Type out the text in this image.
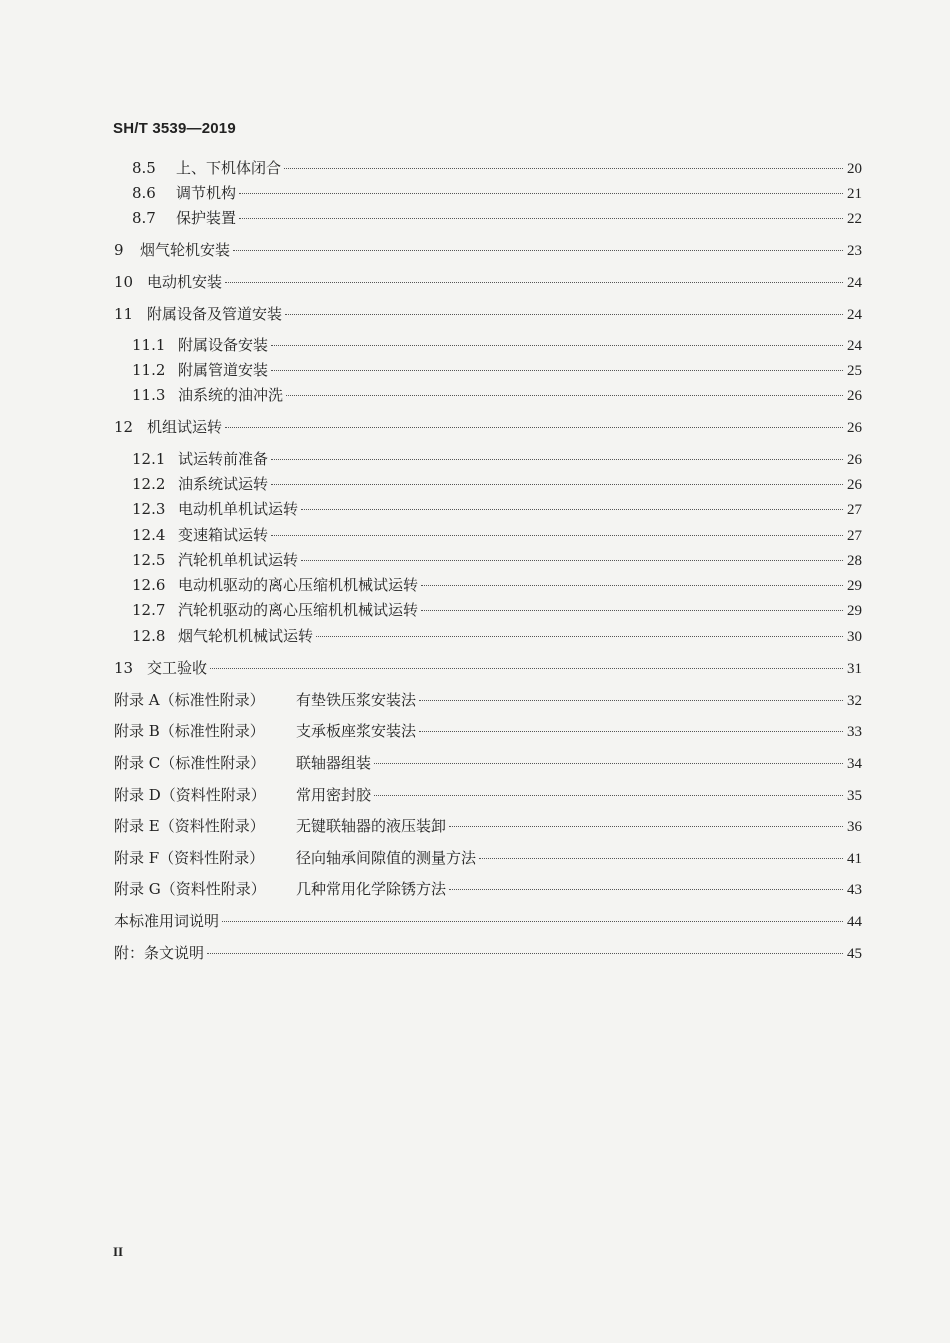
SH/T 3539—2019
8.5	上、下机体闭合	20
8.6	调节机构	21
8.7	保护装置	22
9	烟气轮机安装	23
10 电动机安装	24
11 附属设备及管道安装	24
11.1 附属设备安装	24
11.2 附属管道安装	25
11.3 油系统的油冲洗	26
12 机组试运转	26
12.1 试运转前准备	26
12.2 油系统试运转	26
12.3 电动机单机试运转	27
12.4 变速箱试运转	27
12.5 汽轮机单机试运转	28
12.6 电动机驱动的离心压缩机机械试运转	29
12.7 汽轮机驱动的离心压缩机机械试运转	29
12.8 烟气轮机机械试运转	30
13 交工验收	31
附录 A（标准性附录）	有垫铁压浆安装法	32
附录 B（标准性附录）	支承板座浆安装法	33
附录 C（标准性附录）	联轴器组装	34
附录 D（资料性附录）	常用密封胶	35
附录 E（资料性附录）	无键联轴器的液压装卸	36
附录 F（资料性附录）	径向轴承间隙值的测量方法	41
附录 G（资料性附录）	几种常用化学除锈方法	43
本标准用词说明	44
附：条文说明	45
II
